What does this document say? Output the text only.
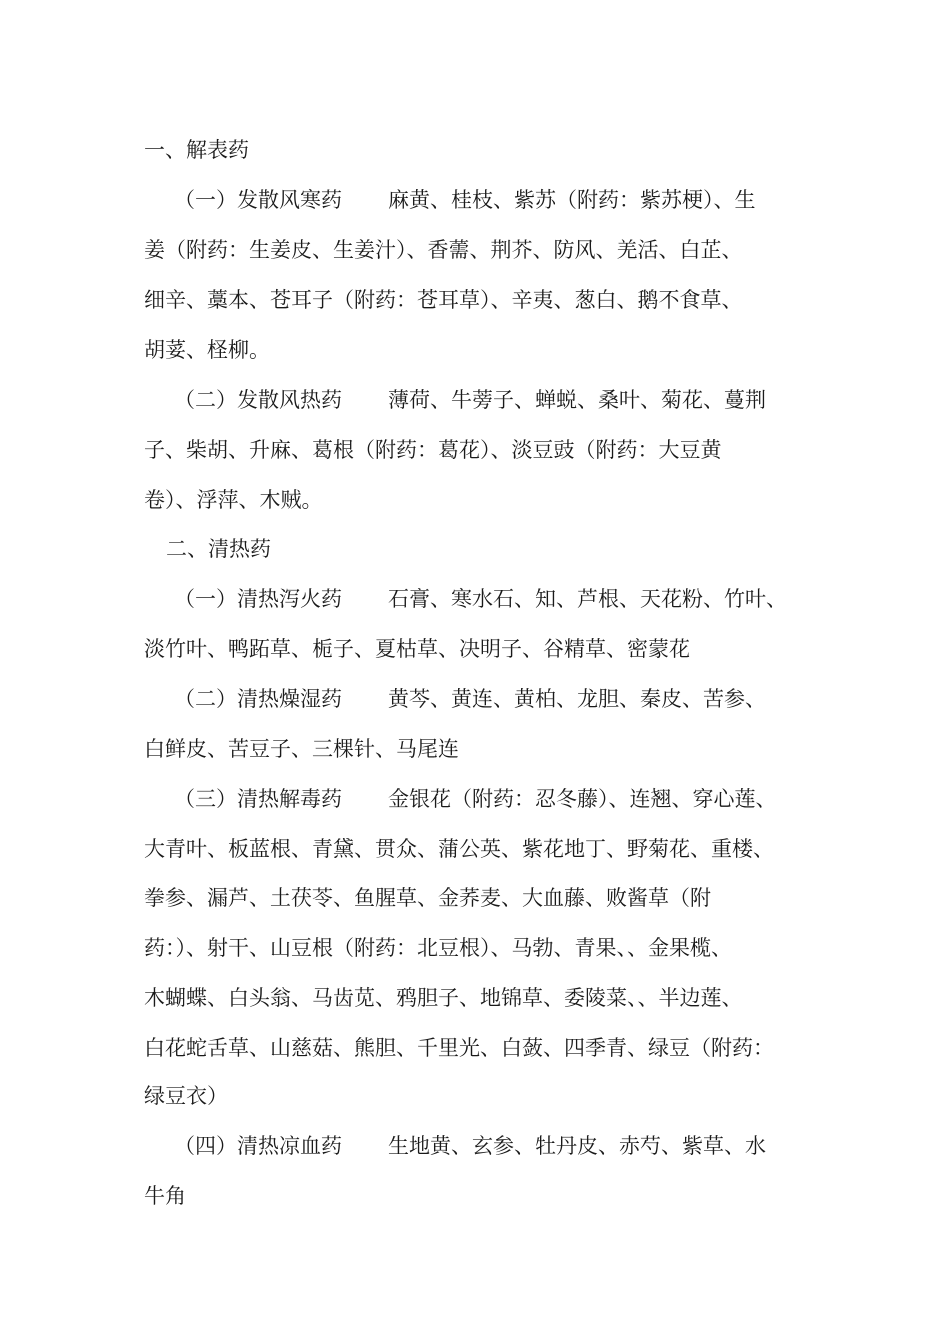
一、解表药
（一）发散风寒药 麻黄、桂枝、紫苏（附药：紫苏梗）、生
姜（附药：生姜皮、生姜汁）、香薷、荆芥、防风、羌活、白芷、
细辛、藁本、苍耳子（附药：苍耳草）、辛夷、葱白、鹅不食草、
胡荽、柽柳。
（二）发散风热药 薄荷、牛蒡子、蝉蜕、桑叶、菊花、蔓荆
子、柴胡、升麻、葛根（附药：葛花）、淡豆豉（附药：大豆黄
卷）、浮萍、木贼。
二、清热药
（一）清热泻火药 石膏、寒水石、知、芦根、天花粉、竹叶、
淡竹叶、鸭跖草、栀子、夏枯草、决明子、谷精草、密蒙花
（二）清热燥湿药 黄芩、黄连、黄柏、龙胆、秦皮、苦参、
白鲜皮、苦豆子、三棵针、马尾连
（三）清热解毒药 金银花（附药：忍冬藤）、连翘、穿心莲、
大青叶、板蓝根、青黛、贯众、蒲公英、紫花地丁、野菊花、重楼、
拳参、漏芦、土茯苓、鱼腥草、金荞麦、大血藤、败酱草（附
药：）、射干、山豆根（附药：北豆根）、马勃、青果、、金果榄、
木蝴蝶、白头翁、马齿苋、鸦胆子、地锦草、委陵菜、、半边莲、
白花蛇舌草、山慈菇、熊胆、千里光、白蔹、四季青、绿豆（附药：
绿豆衣）
（四）清热凉血药 生地黄、玄参、牡丹皮、赤芍、紫草、水
牛角
